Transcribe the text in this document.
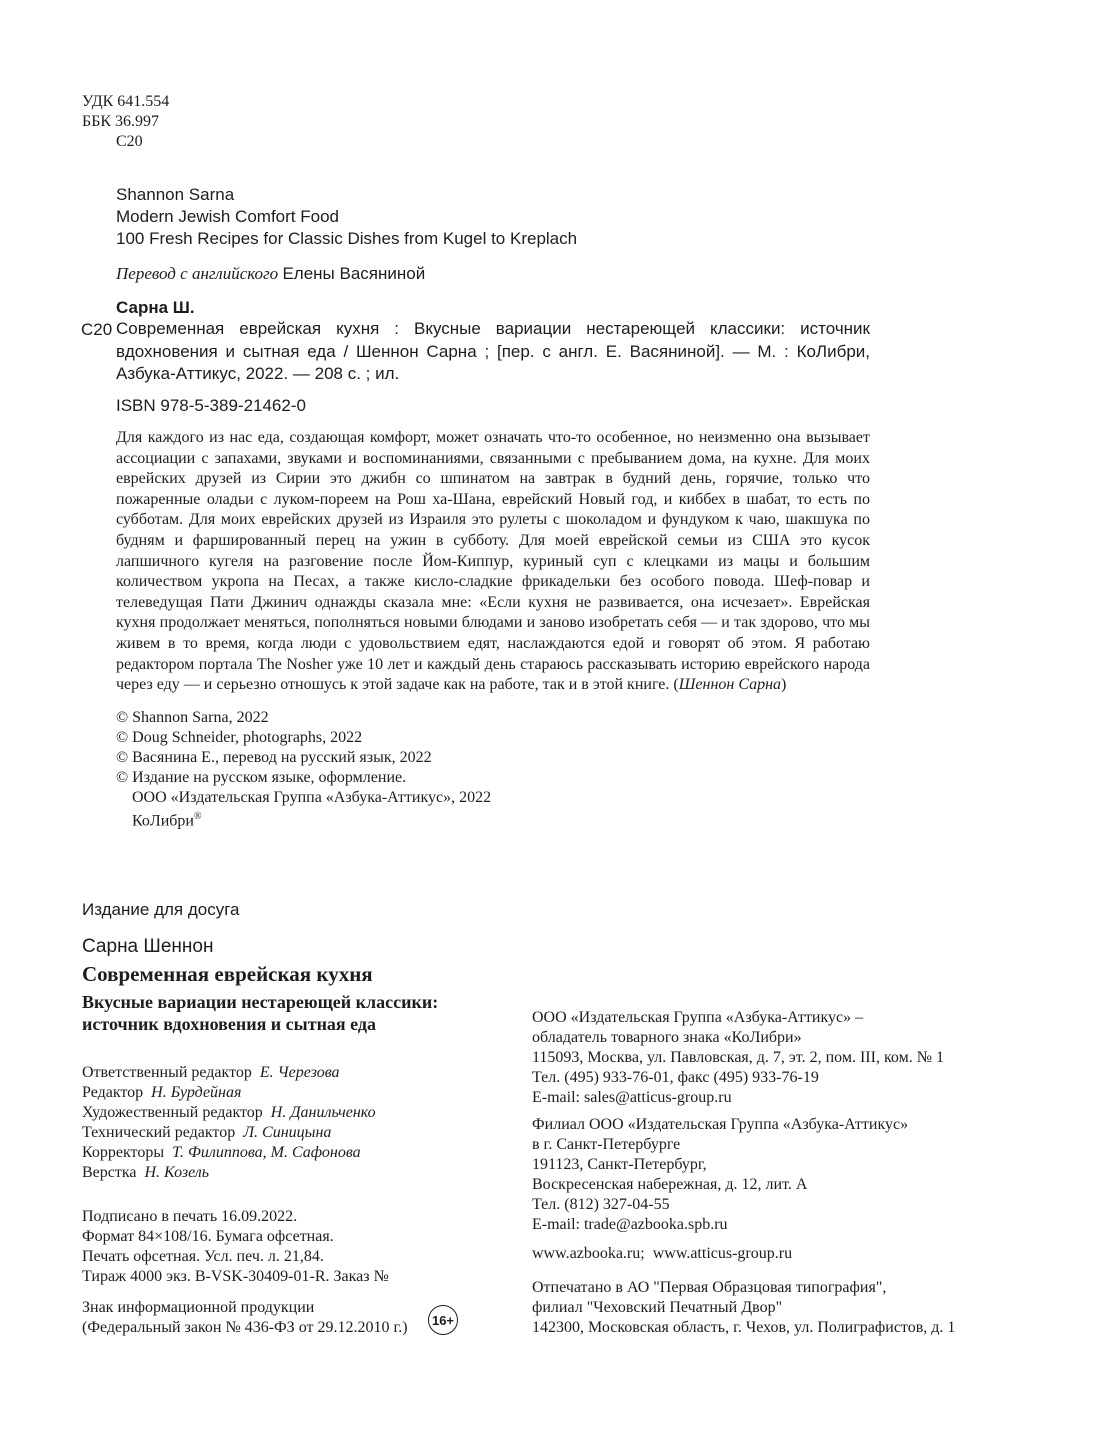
УДК 641.554
ББК 36.997
С20
Shannon Sarna
Modern Jewish Comfort Food
100 Fresh Recipes for Classic Dishes from Kugel to Kreplach
Перевод с английского Елены Васяниной
Сарна Ш.
С20 Современная еврейская кухня : Вкусные вариации нестареющей классики: источник
вдохновения и сытная еда / Шеннон Сарна ; [пер. с англ. Е. Васяниной]. — М. : КоЛибри,
Азбука-Аттикус, 2022. — 208 с. ; ил.
ISBN 978-5-389-21462-0
Для каждого из нас еда, создающая комфорт, может означать что-то особенное, но неизменно она вызывает ассоциации с запахами, звуками и воспоминаниями, связанными с пребыванием дома, на кухне. Для моих еврейских друзей из Сирии это джибн со шпинатом на завтрак в будний день, горячие, только что пожаренные оладьи с луком-пореем на Рош ха-Шана, еврейский Новый год, и киббех в шабат, то есть по субботам. Для моих еврейских друзей из Израиля это рулеты с шоколадом и фундуком к чаю, шакшука по будням и фаршированный перец на ужин в субботу. Для моей еврейской семьи из США это кусок лапшичного кугеля на разговение после Йом-Киппур, куриный суп с клецками из мацы и большим количеством укропа на Песах, а также кисло-сладкие фрикадельки без особого повода. Шеф-повар и телеведущая Пати Джинич однажды сказала мне: «Если кухня не развивается, она исчезает». Еврейская кухня продолжает меняться, пополняться новыми блюдами и заново изобретать себя — и так здорово, что мы живем в то время, когда люди с удовольствием едят, наслаждаются едой и говорят об этом. Я работаю редактором портала The Nosher уже 10 лет и каждый день стараюсь рассказывать историю еврейского народа через еду — и серьезно отношусь к этой задаче как на работе, так и в этой книге. (Шеннон Сарна)
© Shannon Sarna, 2022
© Doug Schneider, photographs, 2022
© Васянина Е., перевод на русский язык, 2022
© Издание на русском языке, оформление.
ООО «Издательская Группа «Азбука-Аттикус», 2022
КоЛибри®
Издание для досуга
Сарна Шеннон
Современная еврейская кухня
Вкусные вариации нестареющей классики:
источник вдохновения и сытная еда
Ответственный редактор Е. Черезова
Редактор Н. Бурдейная
Художественный редактор Н. Данильченко
Технический редактор Л. Синицына
Корректоры Т. Филиппова, М. Сафонова
Верстка Н. Козель
Подписано в печать 16.09.2022.
Формат 84×108/16. Бумага офсетная.
Печать офсетная. Усл. печ. л. 21,84.
Тираж 4000 экз. B-VSK-30409-01-R. Заказ №
Знак информационной продукции
(Федеральный закон № 436-ФЗ от 29.12.2010 г.)	16+
ООО «Издательская Группа «Азбука-Аттикус» –
обладатель товарного знака «КоЛибри»
115093, Москва, ул. Павловская, д. 7, эт. 2, пом. III, ком. № 1
Тел. (495) 933-76-01, факс (495) 933-76-19
E-mail: sales@atticus-group.ru
Филиал ООО «Издательская Группа «Азбука-Аттикус»
в г. Санкт-Петербурге
191123, Санкт-Петербург,
Воскресенская набережная, д. 12, лит. А
Тел. (812) 327-04-55
E-mail: trade@azbooka.spb.ru
www.azbooka.ru;  www.atticus-group.ru
Отпечатано в АО "Первая Образцовая типография",
филиал "Чеховский Печатный Двор"
142300, Московская область, г. Чехов, ул. Полиграфистов, д. 1
